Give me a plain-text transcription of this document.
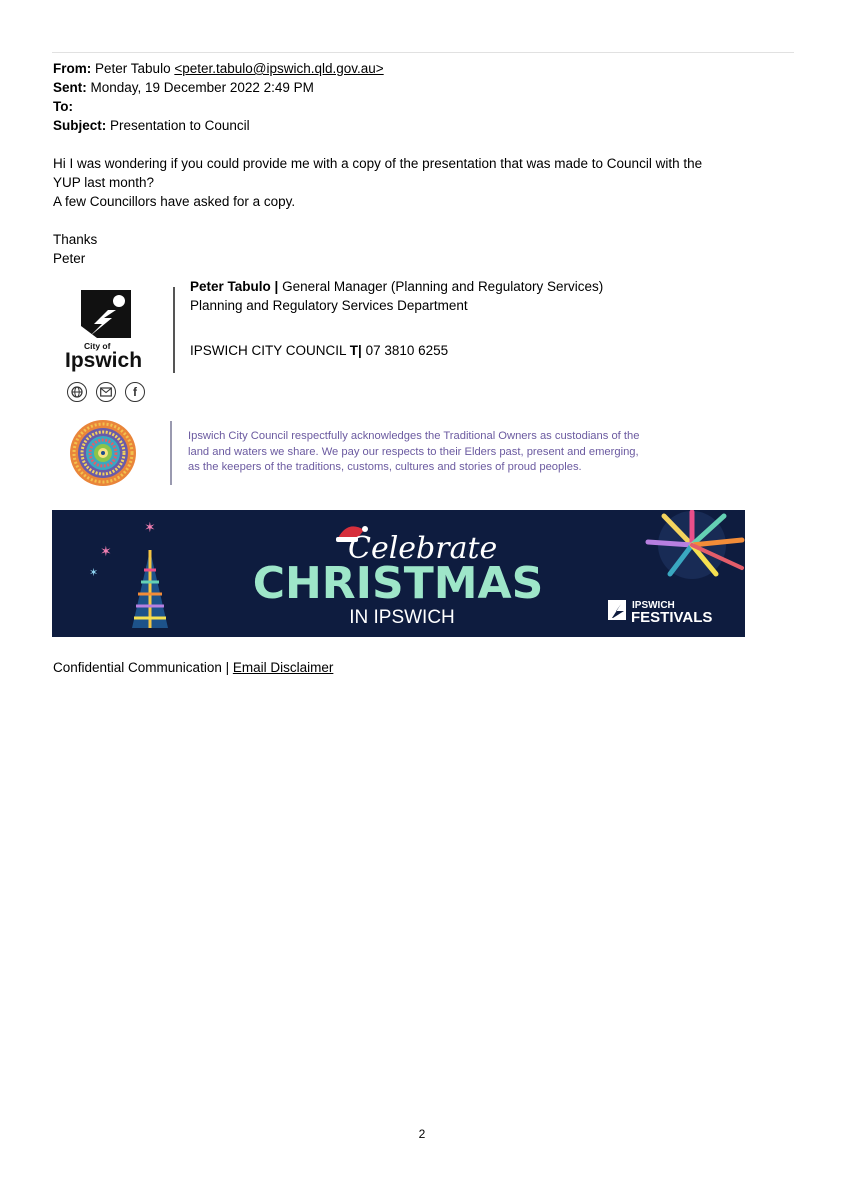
From: Peter Tabulo <peter.tabulo@ipswich.qld.gov.au>
Sent: Monday, 19 December 2022 2:49 PM
To:
Subject: Presentation to Council
Hi I was wondering if you could provide me with a copy of the presentation that was made to Council with the
YUP last month?
A few Councillors have asked for a copy.
Thanks
Peter
City of
Ipswich
f
Peter Tabulo | General Manager (Planning and Regulatory Services)
Planning and Regulatory Services Department
IPSWICH CITY COUNCIL T| 07 3810 6255
Ipswich City Council respectfully acknowledges the Traditional Owners as custodians of the
land and waters we share. We pay our respects to their Elders past, present and emerging,
as the keepers of the traditions, customs, cultures and stories of proud peoples.
✶
✶
✶
Celebrate
CHRISTMAS
IN IPSWICH
IPSWICH
FESTIVALS
Confidential Communication | Email Disclaimer
2
